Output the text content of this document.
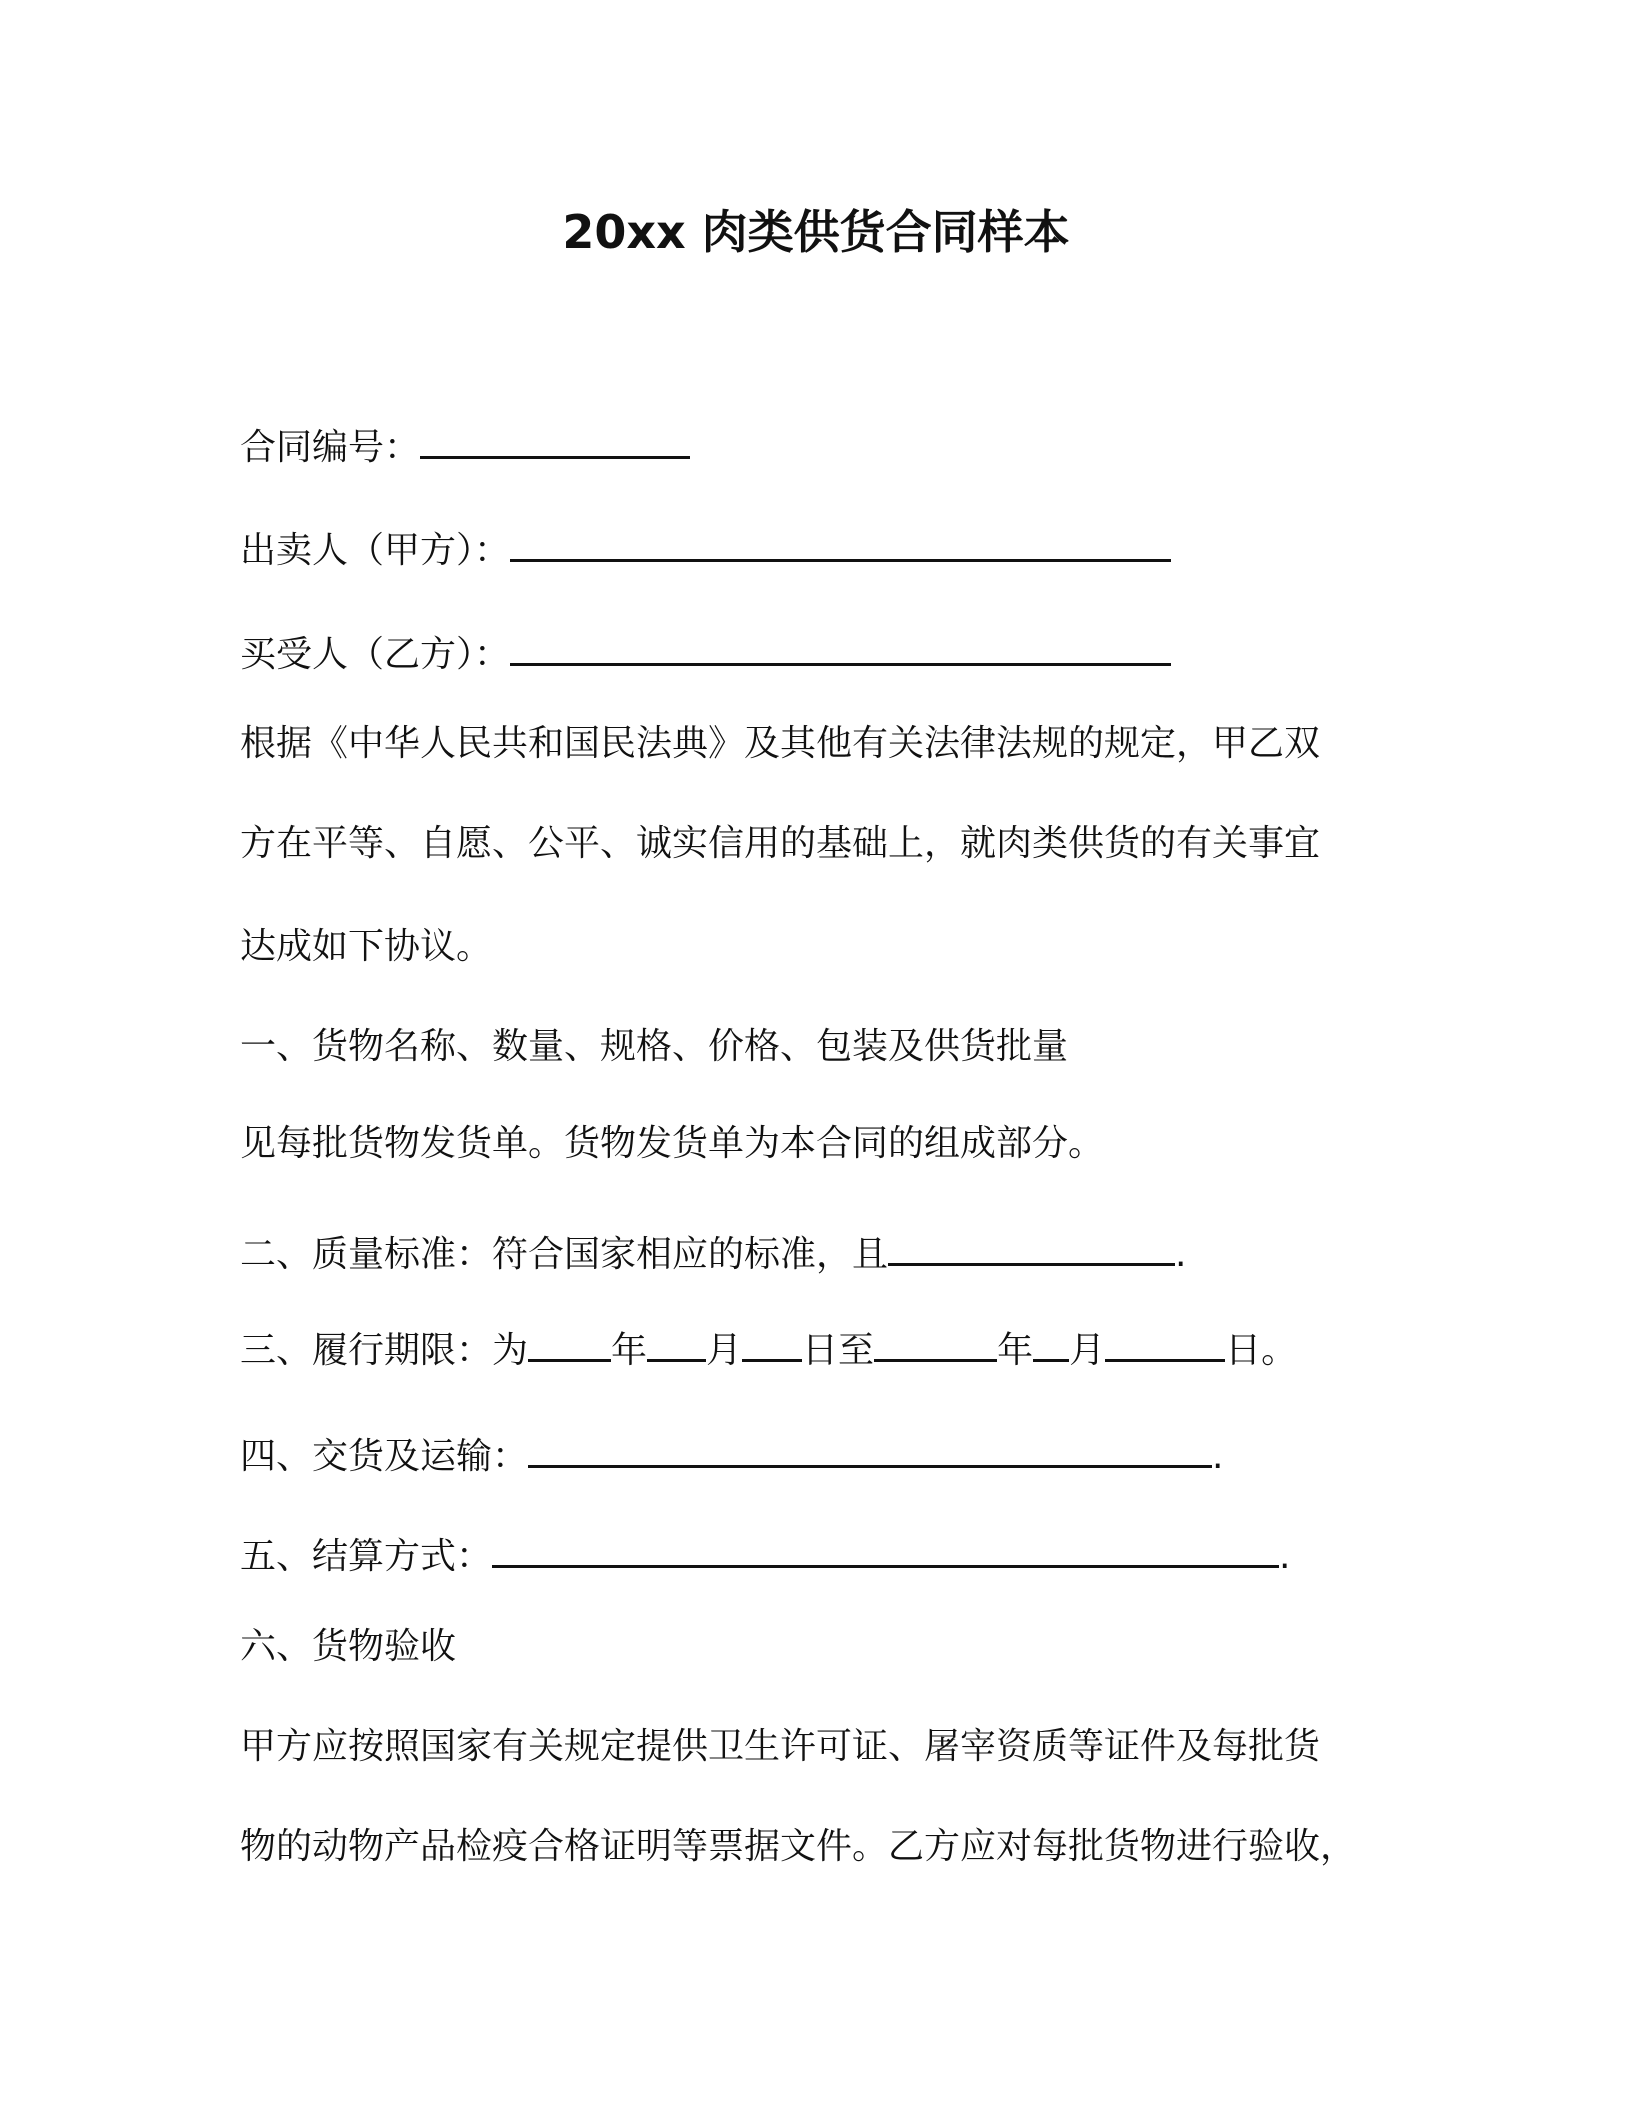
20xx 肉类供货合同样本
合同编号：
出卖人（甲方）：
买受人（乙方）：
根据《中华人民共和国民法典》及其他有关法律法规的规定，甲乙双
方在平等、自愿、公平、诚实信用的基础上，就肉类供货的有关事宜
达成如下协议。
一、货物名称、数量、规格、价格、包装及供货批量
见每批货物发货单。货物发货单为本合同的组成部分。
二、质量标准：符合国家相应的标准，且	.
三、履行期限：为 年 月 日至	年 月	日。
四、交货及运输：	.
五、结算方式：	.
六、货物验收
甲方应按照国家有关规定提供卫生许可证、屠宰资质等证件及每批货
物的动物产品检疫合格证明等票据文件。乙方应对每批货物进行验收，
